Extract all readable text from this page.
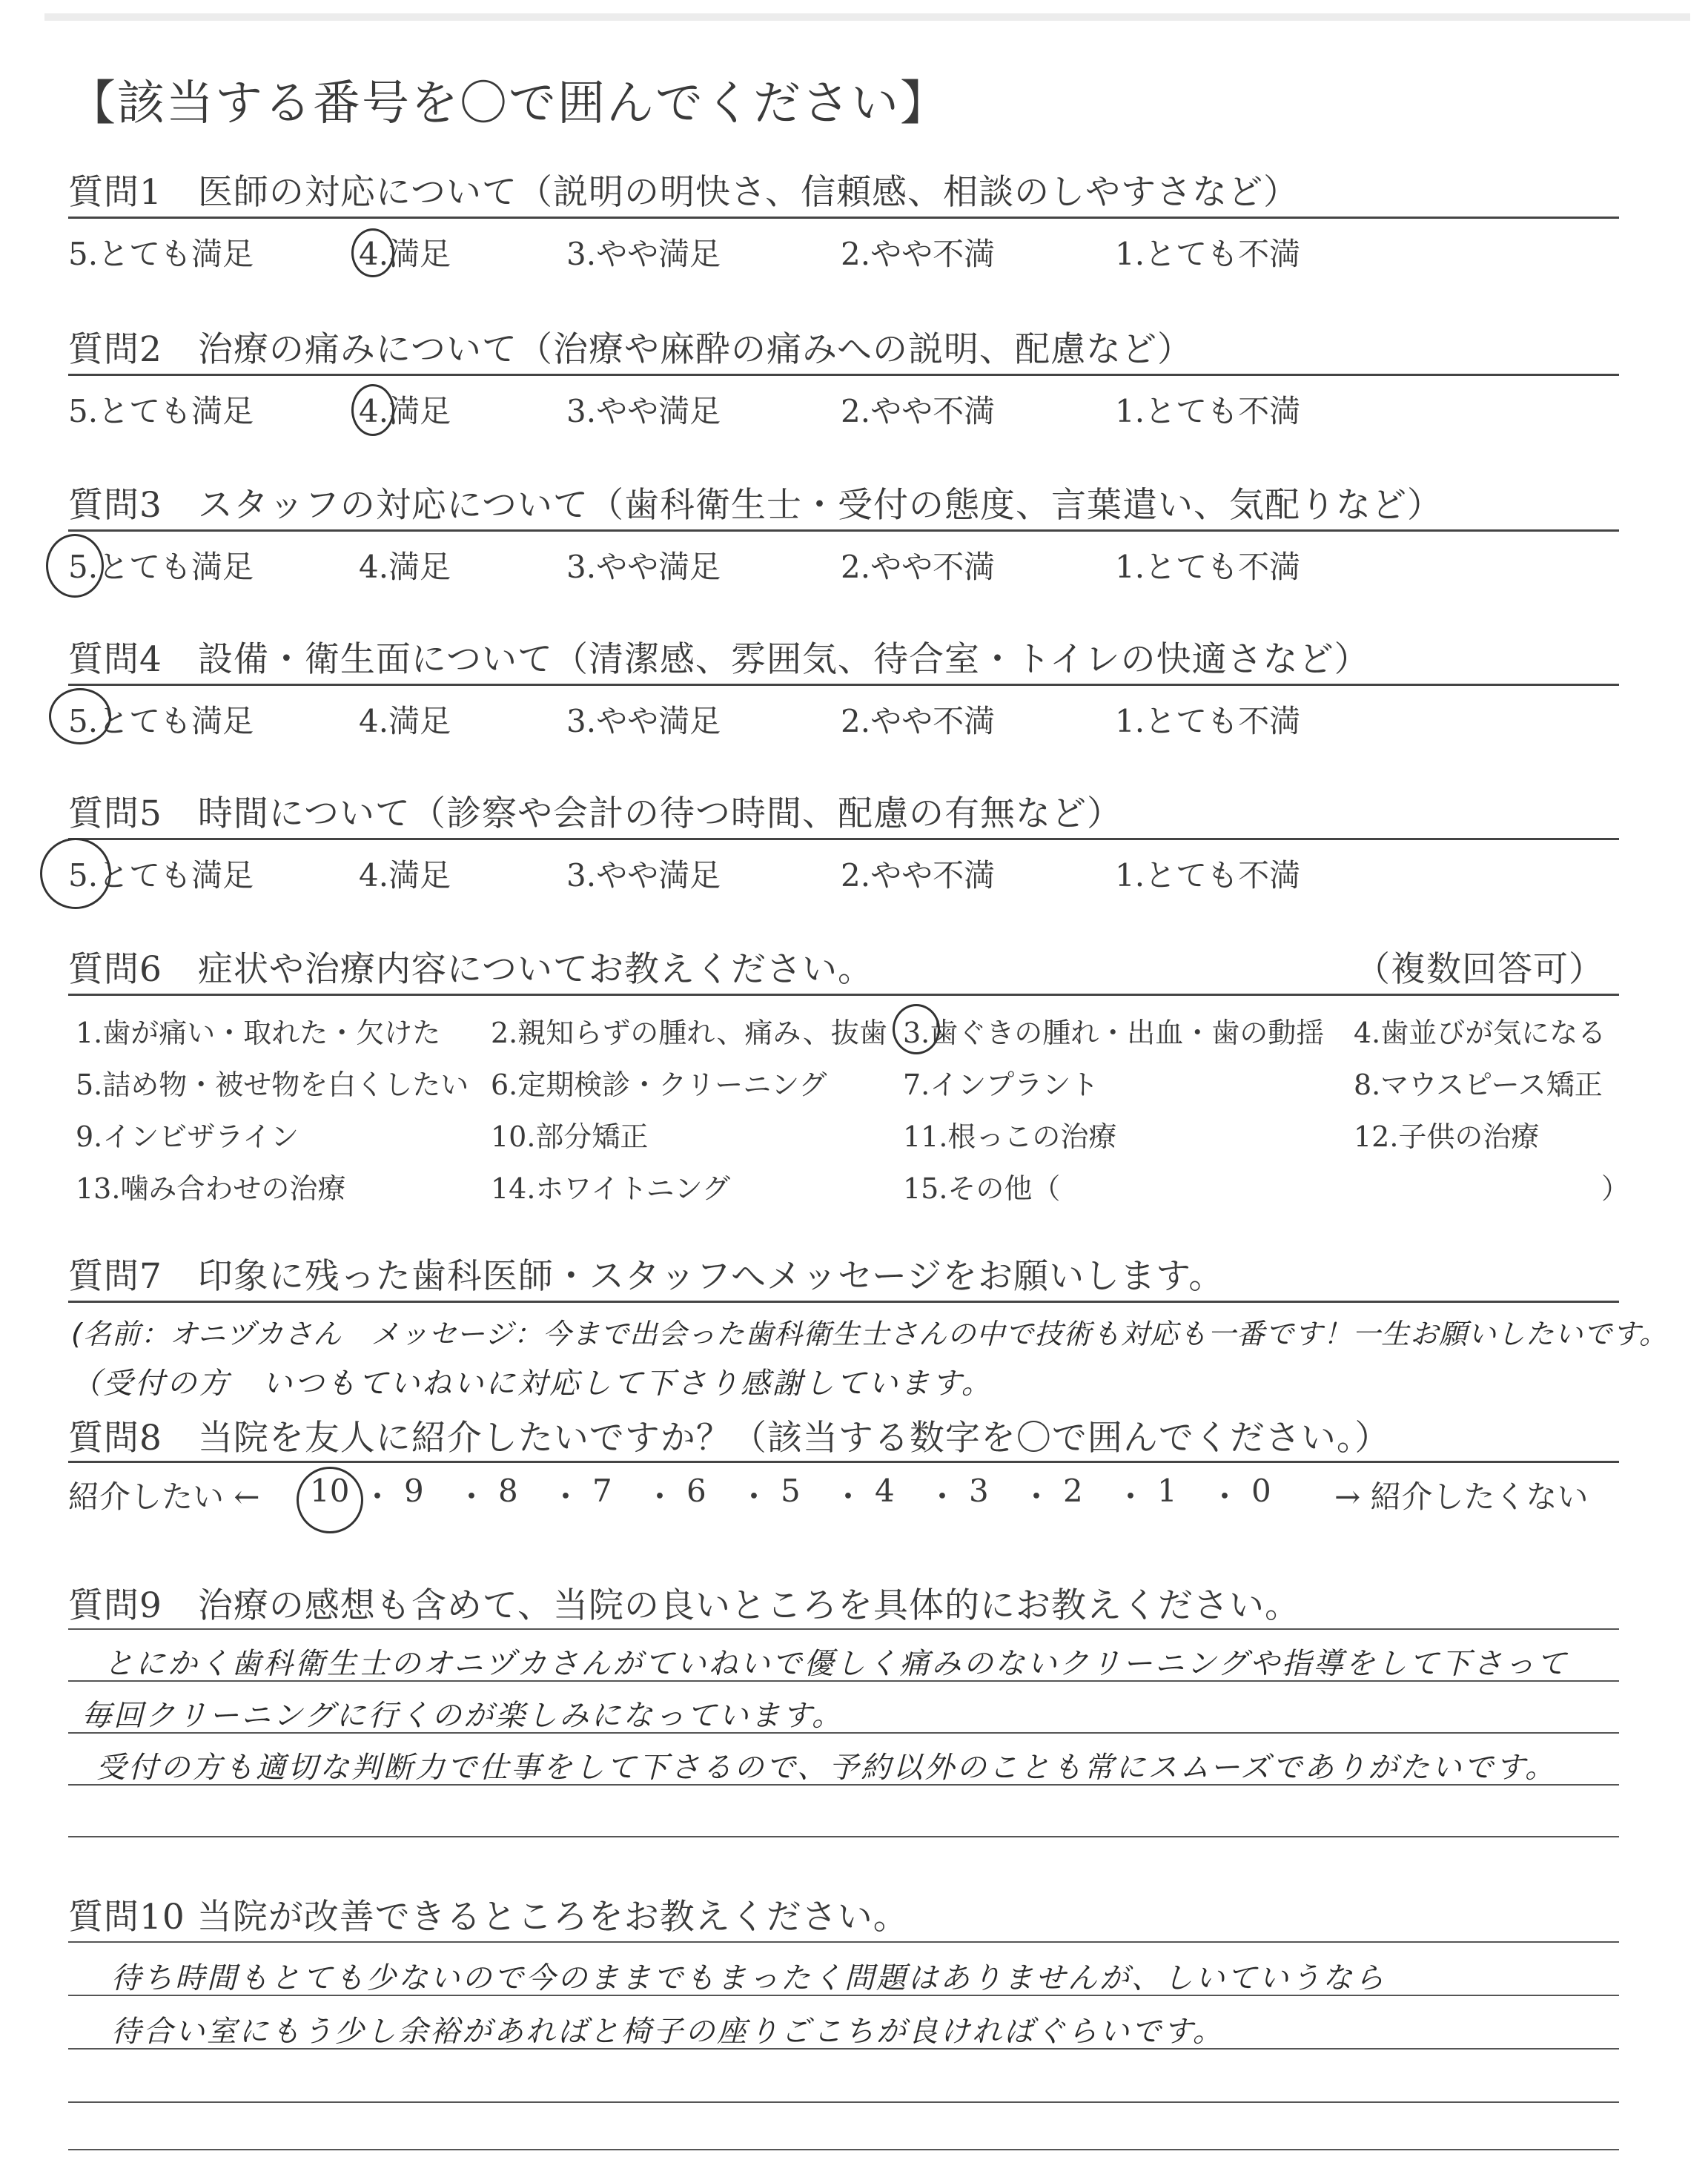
【該当する番号を〇で囲んでください】
質問1　医師の対応について（説明の明快さ、信頼感、相談のしやすさなど）
5.とても満足	4.満足	3.やや満足	2.やや不満	1.とても不満
質問2　治療の痛みについて（治療や麻酔の痛みへの説明、配慮など）
5.とても満足	4.満足	3.やや満足	2.やや不満	1.とても不満
質問3　スタッフの対応について（歯科衛生士・受付の態度、言葉遣い、気配りなど）
5.とても満足	4.満足	3.やや満足	2.やや不満	1.とても不満
質問4　設備・衛生面について（清潔感、雰囲気、待合室・トイレの快適さなど）
5.とても満足	4.満足	3.やや満足	2.やや不満	1.とても不満
質問5　時間について（診察や会計の待つ時間、配慮の有無など）
5.とても満足	4.満足	3.やや満足	2.やや不満	1.とても不満
質問6　症状や治療内容についてお教えください。	（複数回答可）
1.歯が痛い・取れた・欠けた 2.親知らずの腫れ、痛み、抜歯 3.歯ぐきの腫れ・出血・歯の動揺 4.歯並びが気になる
5.詰め物・被せ物を白くしたい 6.定期検診・クリーニング	7.インプラント	8.マウスピース矯正
9.インビザライン	10.部分矯正	11.根っこの治療	12.子供の治療
13.噛み合わせの治療	14.ホワイトニング	15.その他（	）
質問7　印象に残った歯科医師・スタッフへメッセージをお願いします。
(名前：オニヅカさん　メッセージ：今まで出会った歯科衛生士さんの中で技術も対応も一番です！一生お願いしたいです。
（受付の方　いつもていねいに対応して下さり感謝しています。
質問8　当院を友人に紹介したいですか？（該当する数字を〇で囲んでください。）
紹介したい ← 10 ・ 9 ・ 8 ・ 7 ・ 6 ・ 5 ・ 4 ・ 3 ・ 2 ・ 1 ・ 0 → 紹介したくない
質問9　治療の感想も含めて、当院の良いところを具体的にお教えください。
とにかく歯科衛生士のオニヅカさんがていねいで優しく痛みのないクリーニングや指導をして下さって
毎回クリーニングに行くのが楽しみになっています。
受付の方も適切な判断力で仕事をして下さるので、予約以外のことも常にスムーズでありがたいです。
質問10 当院が改善できるところをお教えください。
待ち時間もとても少ないので今のままでもまったく問題はありませんが、しいていうなら
待合い室にもう少し余裕があればと椅子の座りごこちが良ければぐらいです。
